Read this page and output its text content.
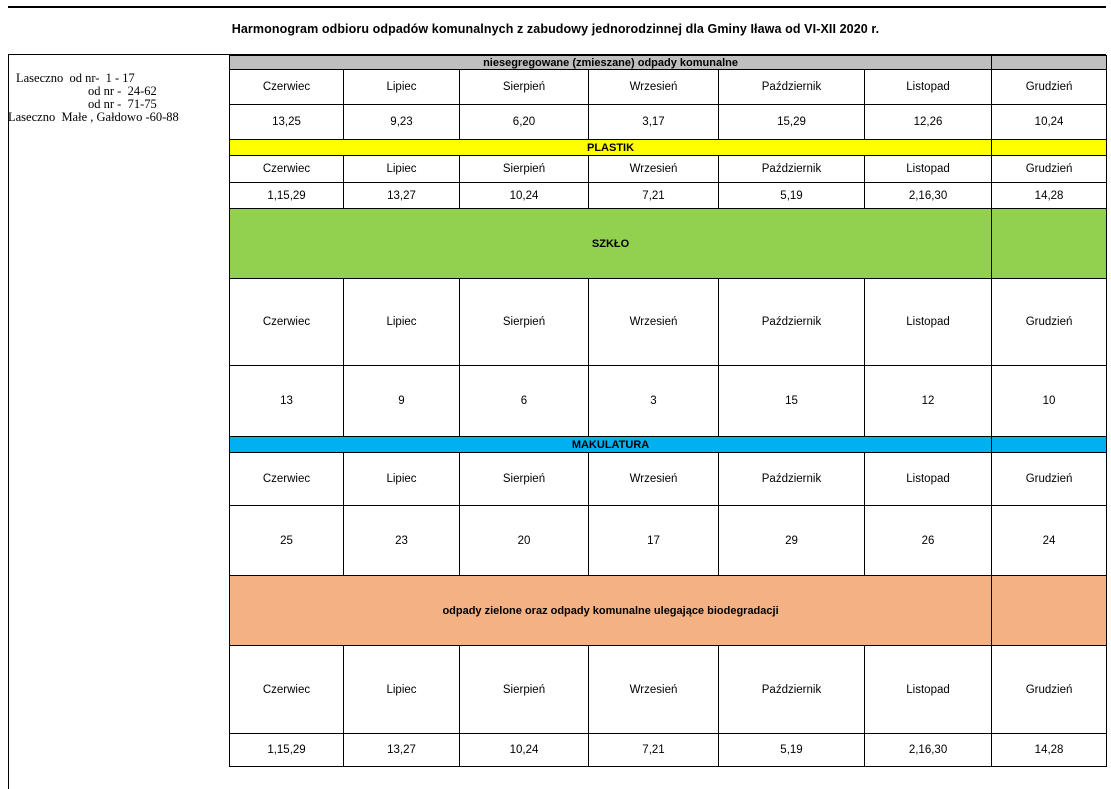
Harmonogram odbioru odpadów komunalnych z zabudowy jednorodzinnej dla Gminy Iława od VI-XII 2020 r.
Laseczno  od nr-  1 - 17
od nr -  24-62
od nr -  71-75
Laseczno  Małe , Gałdowo -60-88
niesegregowane (zmieszane) odpady komunalne						
Czerwiec	Lipiec	Sierpień	Wrzesień	Październik	Listopad	Grudzień
13,25	9,23	6,20	3,17	15,29	12,26	10,24
PLASTIK						
Czerwiec	Lipiec	Sierpień	Wrzesień	Październik	Listopad	Grudzień
1,15,29	13,27	10,24	7,21	5,19	2,16,30	14,28
SZKŁO						
Czerwiec	Lipiec	Sierpień	Wrzesień	Październik	Listopad	Grudzień
13	9	6	3	15	12	10
MAKULATURA						
Czerwiec	Lipiec	Sierpień	Wrzesień	Październik	Listopad	Grudzień
25	23	20	17	29	26	24
odpady zielone oraz odpady komunalne ulegające biodegradacji						
Czerwiec	Lipiec	Sierpień	Wrzesień	Październik	Listopad	Grudzień
1,15,29	13,27	10,24	7,21	5,19	2,16,30	14,28
